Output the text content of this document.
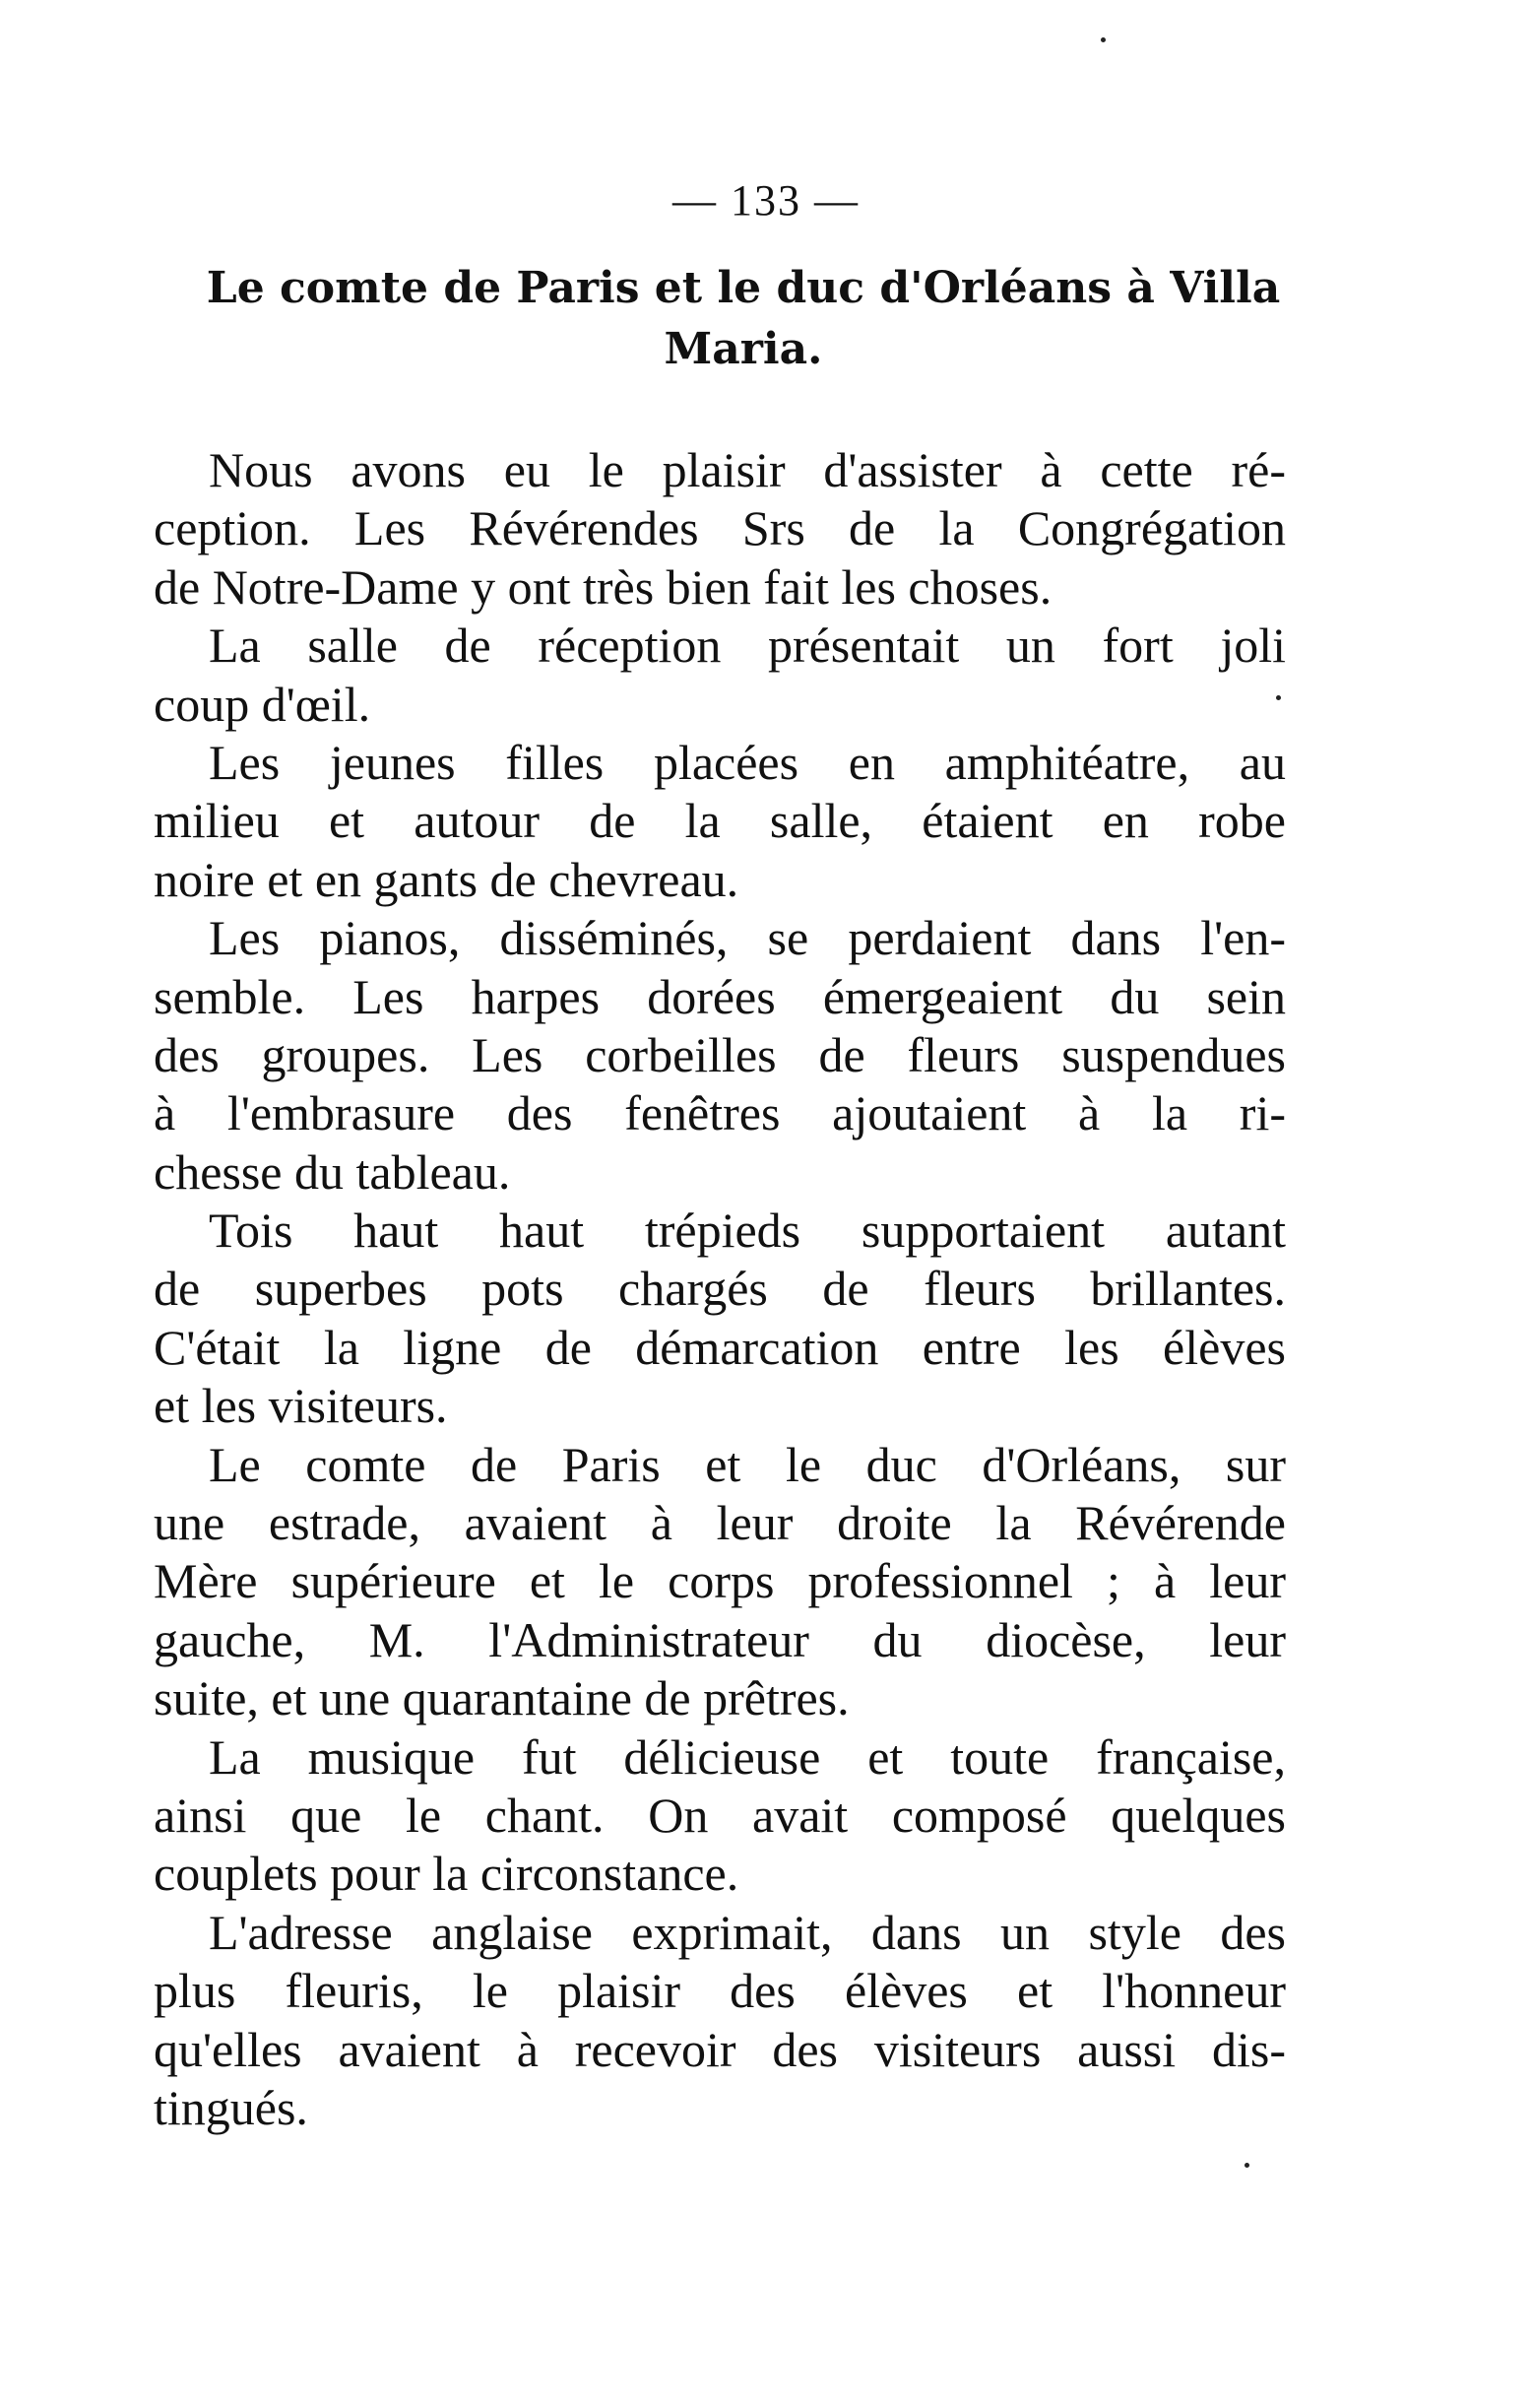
— 133 —
Le comte de Paris et le duc d'Orléans à Villa
Maria.
Nous avons eu le plaisir d'assister à cette ré-
ception. Les Révérendes Srs de la Congrégation
de Notre-Dame y ont très bien fait les choses.
La salle de réception présentait un fort joli
coup d'œil.
Les jeunes filles placées en amphitéatre, au
milieu et autour de la salle, étaient en robe
noire et en gants de chevreau.
Les pianos, disséminés, se perdaient dans l'en-
semble. Les harpes dorées émergeaient du sein
des groupes. Les corbeilles de fleurs suspendues
à l'embrasure des fenêtres ajoutaient à la ri-
chesse du tableau.
Tois haut haut trépieds supportaient autant
de superbes pots chargés de fleurs brillantes.
C'était la ligne de démarcation entre les élèves
et les visiteurs.
Le comte de Paris et le duc d'Orléans, sur
une estrade, avaient à leur droite la Révérende
Mère supérieure et le corps professionnel ; à leur
gauche, M. l'Administrateur du diocèse, leur
suite, et une quarantaine de prêtres.
La musique fut délicieuse et toute française,
ainsi que le chant. On avait composé quelques
couplets pour la circonstance.
L'adresse anglaise exprimait, dans un style des
plus fleuris, le plaisir des élèves et l'honneur
qu'elles avaient à recevoir des visiteurs aussi dis-
tingués.
